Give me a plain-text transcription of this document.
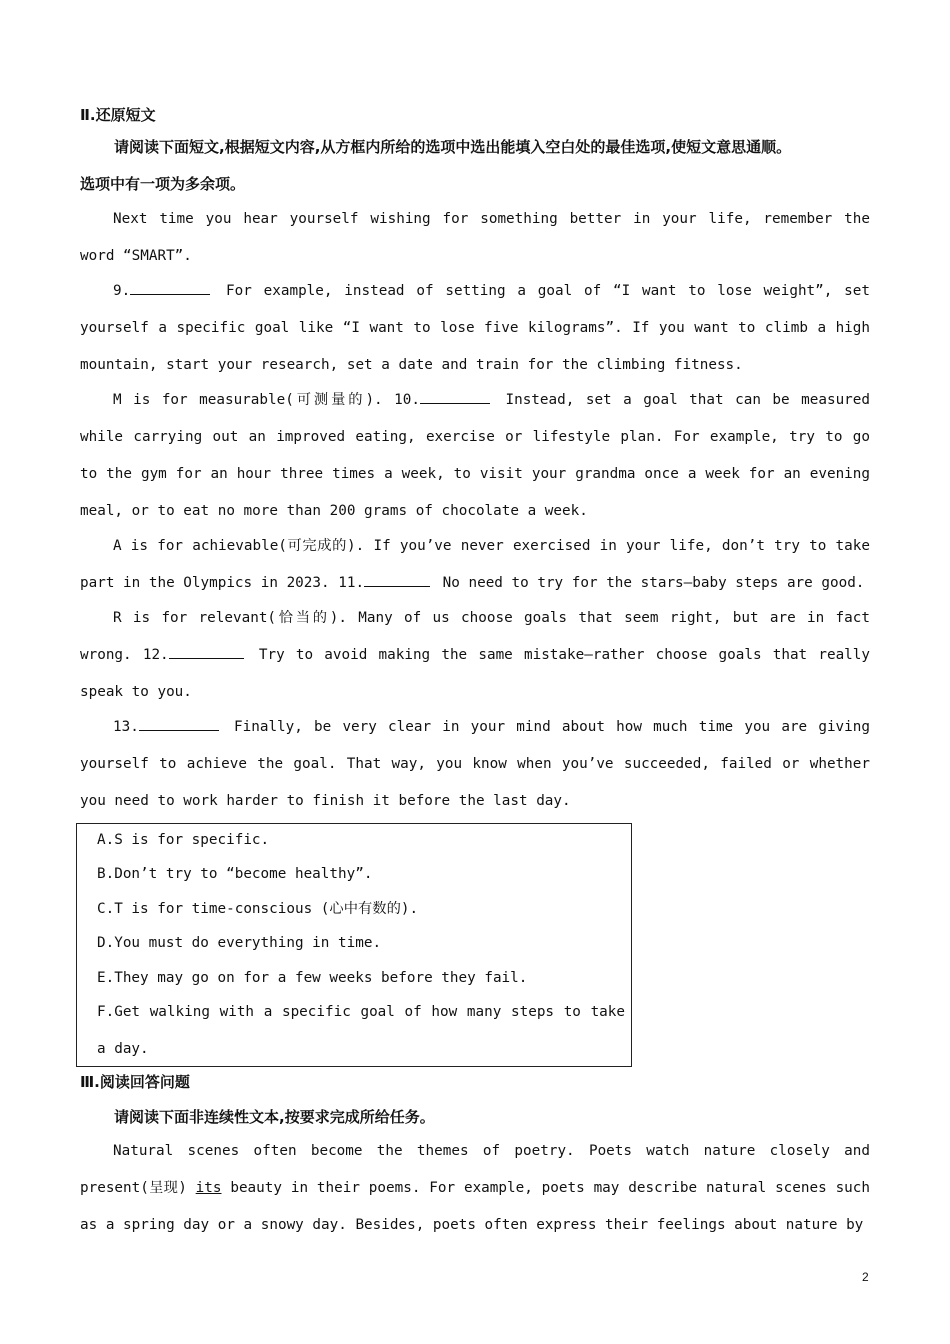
Ⅱ.还原短文
请阅读下面短文,根据短文内容,从方框内所给的选项中选出能填入空白处的最佳选项,使短文意思通顺。
选项中有一项为多余项。
Next time you hear yourself wishing for something better in your life, remember the word “SMART”.
9.	For example, instead of setting a goal of “I want to lose weight”, set yourself a specific goal like “I want to lose five kilograms”. If you want to climb a high mountain, start your research, set a date and train for the climbing fitness.
M is for measurable(可测量的). 10.	Instead, set a goal that can be measured while carrying out an improved eating, exercise or lifestyle plan. For example, try to go to the gym for an hour three times a week, to visit your grandma once a week for an evening meal, or to eat no more than 200 grams of chocolate a week.
A is for achievable(可完成的). If you’ve never exercised in your life, don’t try to take part in the Olympics in 2023. 11.	No need to try for the stars—baby steps are good.
R is for relevant(恰当的). Many of us choose goals that seem right, but are in fact wrong. 12.	Try to avoid making the same mistake—rather choose goals that really speak to you.
13.	Finally, be very clear in your mind about how much time you are giving yourself to achieve the goal. That way, you know when you’ve succeeded, failed or whether you need to work harder to finish it before the last day.
A.S is for specific.
B.Don’t try to “become healthy”.
C.T is for time-conscious (心中有数的).
D.You must do everything in time.
E.They may go on for a few weeks before they fail.
F.Get walking with a specific goal of how many steps to take a day.
Ⅲ.阅读回答问题
请阅读下面非连续性文本,按要求完成所给任务。
Natural scenes often become the themes of poetry. Poets watch nature closely and present(呈现) its beauty in their poems. For example, poets may describe natural scenes such as a spring day or a snowy day. Besides, poets often express their feelings about nature by
2
